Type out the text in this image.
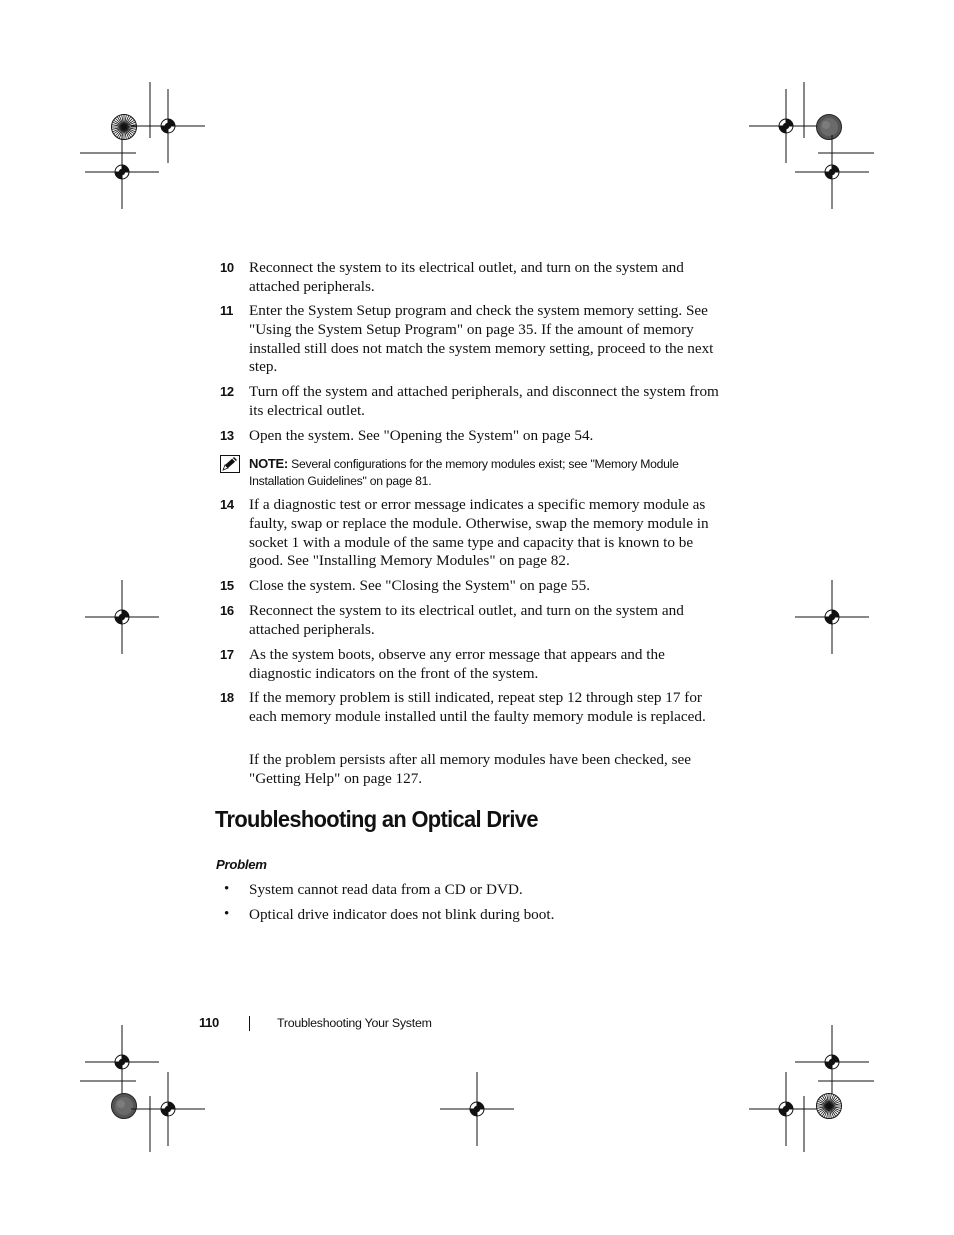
10 Reconnect the system to its electrical outlet, and turn on the system and attached peripherals.
11 Enter the System Setup program and check the system memory setting. See "Using the System Setup Program" on page 35. If the amount of memory installed still does not match the system memory setting, proceed to the next step.
12 Turn off the system and attached peripherals, and disconnect the system from its electrical outlet.
13 Open the system. See "Opening the System" on page 54.
NOTE: Several configurations for the memory modules exist; see "Memory Module Installation Guidelines" on page 81.
14 If a diagnostic test or error message indicates a specific memory module as faulty, swap or replace the module. Otherwise, swap the memory module in socket 1 with a module of the same type and capacity that is known to be good. See "Installing Memory Modules" on page 82.
15 Close the system. See "Closing the System" on page 55.
16 Reconnect the system to its electrical outlet, and turn on the system and attached peripherals.
17 As the system boots, observe any error message that appears and the diagnostic indicators on the front of the system.
18 If the memory problem is still indicated, repeat step 12 through step 17 for each memory module installed until the faulty memory module is replaced.
If the problem persists after all memory modules have been checked, see "Getting Help" on page 127.
Troubleshooting an Optical Drive
Problem
• System cannot read data from a CD or DVD.
• Optical drive indicator does not blink during boot.
110	Troubleshooting Your System
